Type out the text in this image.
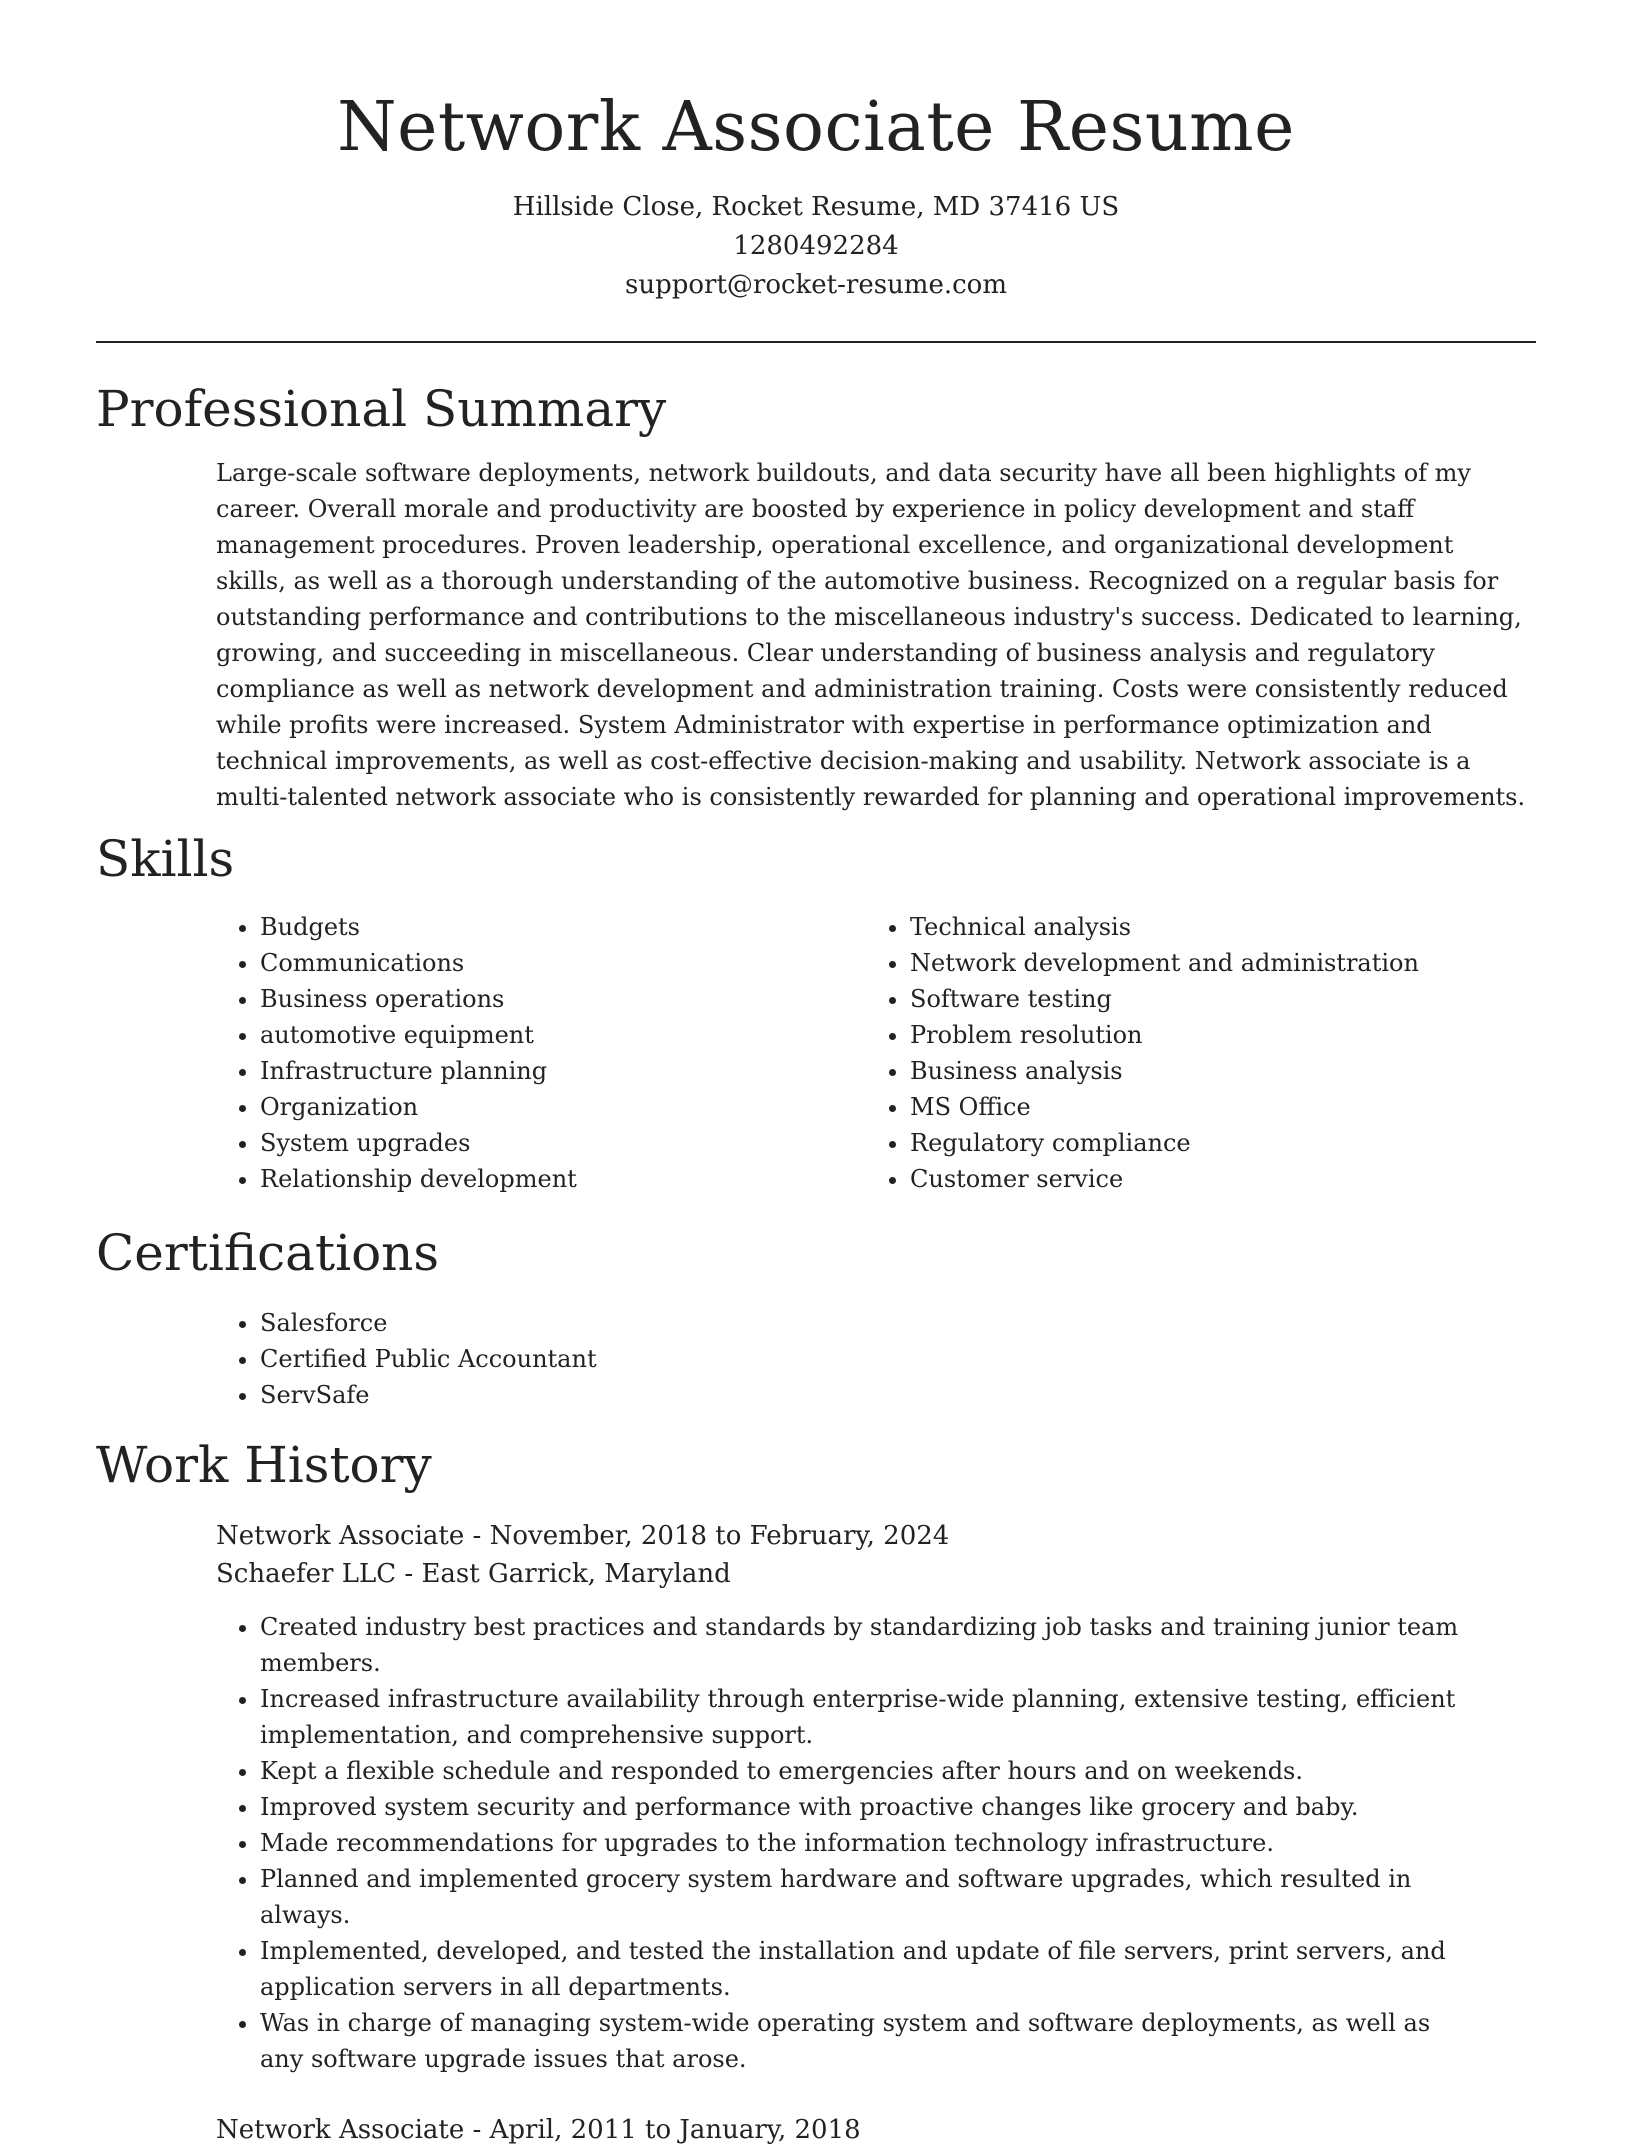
Network Associate Resume
Hillside Close, Rocket Resume, MD 37416 US
1280492284
support@rocket-resume.com
Professional Summary

Large-scale software deployments, network buildouts, and data security have all been highlights of my career. Overall morale and productivity are boosted by experience in policy development and staff management procedures. Proven leadership, operational excellence, and organizational development skills, as well as a thorough understanding of the automotive business. Recognized on a regular basis for outstanding performance and contributions to the miscellaneous industry's success. Dedicated to learning, growing, and succeeding in miscellaneous. Clear understanding of business analysis and regulatory compliance as well as network development and administration training. Costs were consistently reduced while profits were increased. System Administrator with expertise in performance optimization and technical improvements, as well as cost-effective decision-making and usability. Network associate is a multi-talented network associate who is consistently rewarded for planning and operational improvements.

Skills
• Budgets
• Communications
• Business operations
• automotive equipment
• Infrastructure planning
• Organization
• System upgrades
• Relationship development
• Technical analysis
• Network development and administration
• Software testing
• Problem resolution
• Business analysis
• MS Office
• Regulatory compliance
• Customer service
Certifications
• Salesforce
• Certified Public Accountant
• ServSafe
Work History
Network Associate - November, 2018 to February, 2024
Schaefer LLC - East Garrick, Maryland
• Created industry best practices and standards by standardizing job tasks and training junior team members.
• Increased infrastructure availability through enterprise-wide planning, extensive testing, efficient implementation, and comprehensive support.
• Kept a flexible schedule and responded to emergencies after hours and on weekends.
• Improved system security and performance with proactive changes like grocery and baby.
• Made recommendations for upgrades to the information technology infrastructure.
• Planned and implemented grocery system hardware and software upgrades, which resulted in always.
• Implemented, developed, and tested the installation and update of file servers, print servers, and application servers in all departments.
• Was in charge of managing system-wide operating system and software deployments, as well as any software upgrade issues that arose.
Network Associate - April, 2011 to January, 2018
